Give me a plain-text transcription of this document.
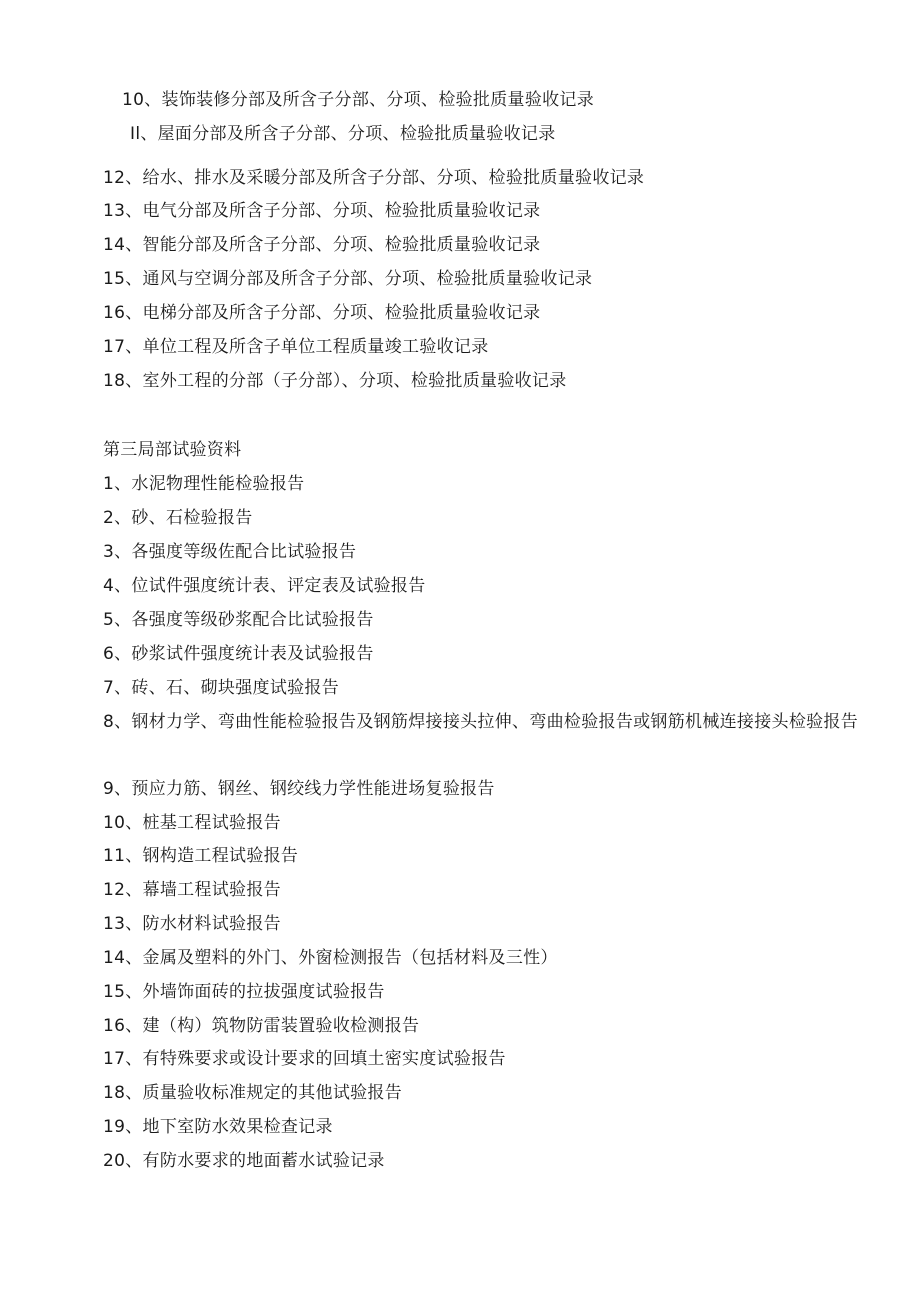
10、装饰装修分部及所含子分部、分项、检验批质量验收记录
Il、屋面分部及所含子分部、分项、检验批质量验收记录
12、给水、排水及采暖分部及所含子分部、分项、检验批质量验收记录
13、电气分部及所含子分部、分项、检验批质量验收记录
14、智能分部及所含子分部、分项、检验批质量验收记录
15、通风与空调分部及所含子分部、分项、检验批质量验收记录
16、电梯分部及所含子分部、分项、检验批质量验收记录
17、单位工程及所含子单位工程质量竣工验收记录
18、室外工程的分部（子分部）、分项、检验批质量验收记录
第三局部试验资料
1、水泥物理性能检验报告
2、砂、石检验报告
3、各强度等级佐配合比试验报告
4、位试件强度统计表、评定表及试验报告
5、各强度等级砂浆配合比试验报告
6、砂浆试件强度统计表及试验报告
7、砖、石、砌块强度试验报告
8、钢材力学、弯曲性能检验报告及钢筋焊接接头拉伸、弯曲检验报告或钢筋机械连接接头检验报告
9、预应力筋、钢丝、钢绞线力学性能进场复验报告
10、桩基工程试验报告
11、钢构造工程试验报告
12、幕墙工程试验报告
13、防水材料试验报告
14、金属及塑料的外门、外窗检测报告（包括材料及三性）
15、外墙饰面砖的拉拔强度试验报告
16、建（构）筑物防雷装置验收检测报告
17、有特殊要求或设计要求的回填土密实度试验报告
18、质量验收标准规定的其他试验报告
19、地下室防水效果检查记录
20、有防水要求的地面蓄水试验记录
